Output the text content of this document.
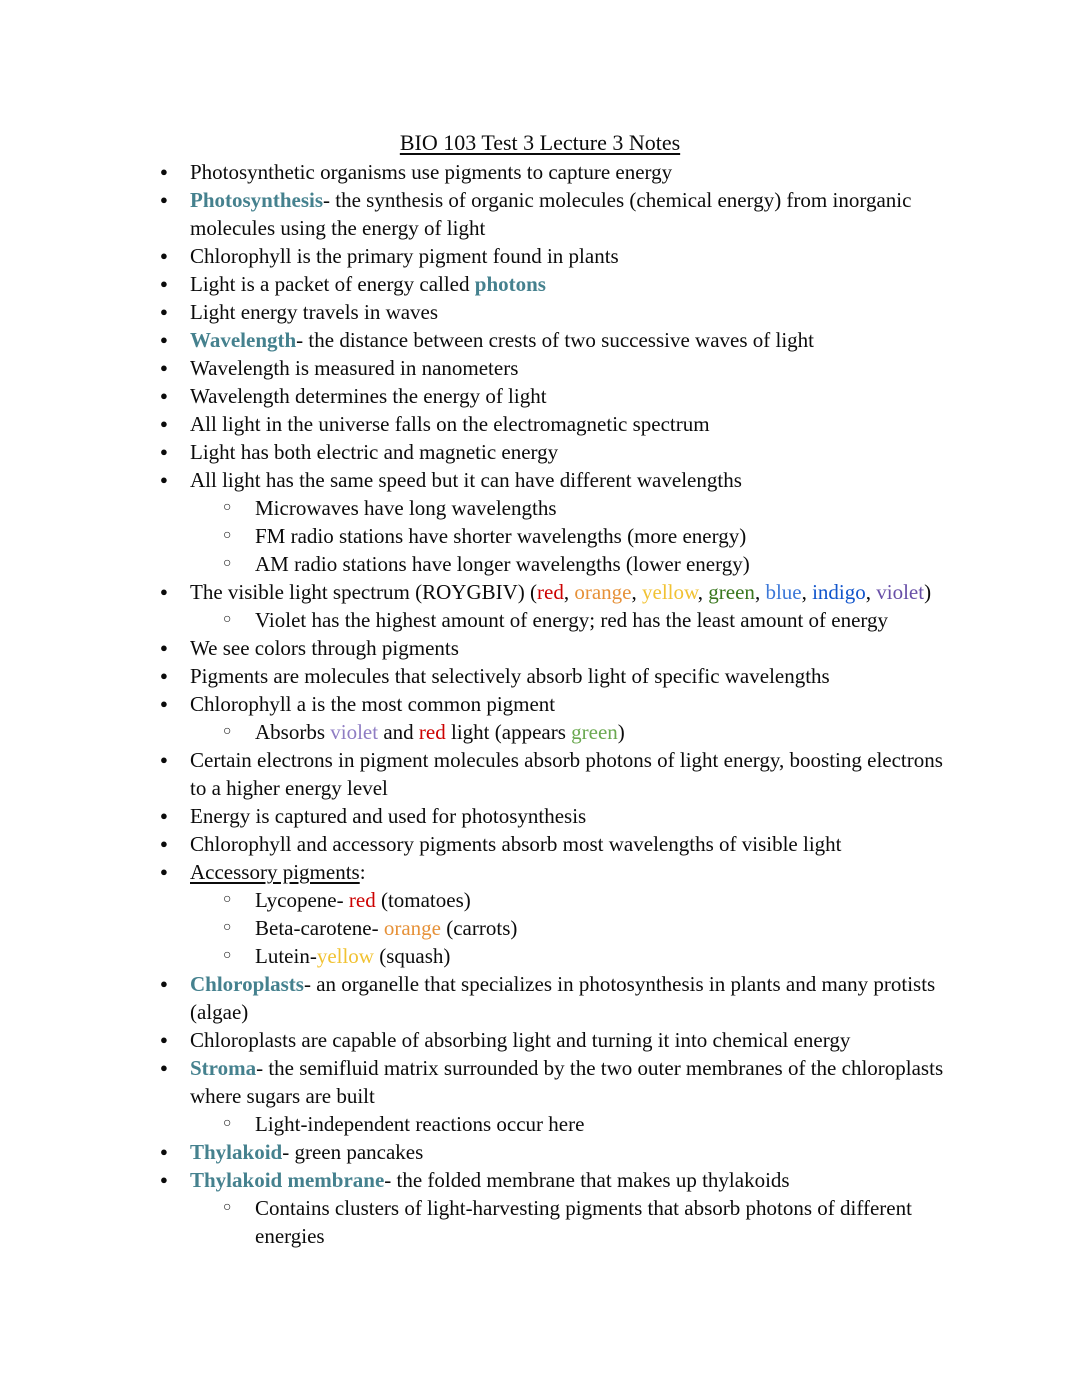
BIO 103 Test 3 Lecture 3 Notes
● Photosynthetic organisms use pigments to capture energy
● Photosynthesis- the synthesis of organic molecules (chemical energy) from inorganic molecules using the energy of light
● Chlorophyll is the primary pigment found in plants
● Light is a packet of energy called photons
● Light energy travels in waves
● Wavelength- the distance between crests of two successive waves of light
● Wavelength is measured in nanometers
● Wavelength determines the energy of light
● All light in the universe falls on the electromagnetic spectrum
● Light has both electric and magnetic energy
● All light has the same speed but it can have different wavelengths
○ Microwaves have long wavelengths
○ FM radio stations have shorter wavelengths (more energy)
○ AM radio stations have longer wavelengths (lower energy)
● The visible light spectrum (ROYGBIV) (red, orange, yellow, green, blue, indigo, violet)
○ Violet has the highest amount of energy; red has the least amount of energy
● We see colors through pigments
● Pigments are molecules that selectively absorb light of specific wavelengths
● Chlorophyll a is the most common pigment
○ Absorbs violet and red light (appears green)
● Certain electrons in pigment molecules absorb photons of light energy, boosting electrons to a higher energy level
● Energy is captured and used for photosynthesis
● Chlorophyll and accessory pigments absorb most wavelengths of visible light
● Accessory pigments:
○ Lycopene- red (tomatoes)
○ Beta-carotene- orange (carrots)
○ Lutein-yellow (squash)
● Chloroplasts- an organelle that specializes in photosynthesis in plants and many protists (algae)
● Chloroplasts are capable of absorbing light and turning it into chemical energy
● Stroma- the semifluid matrix surrounded by the two outer membranes of the chloroplasts where sugars are built
○ Light-independent reactions occur here
● Thylakoid- green pancakes
● Thylakoid membrane- the folded membrane that makes up thylakoids
○ Contains clusters of light-harvesting pigments that absorb photons of different energies
